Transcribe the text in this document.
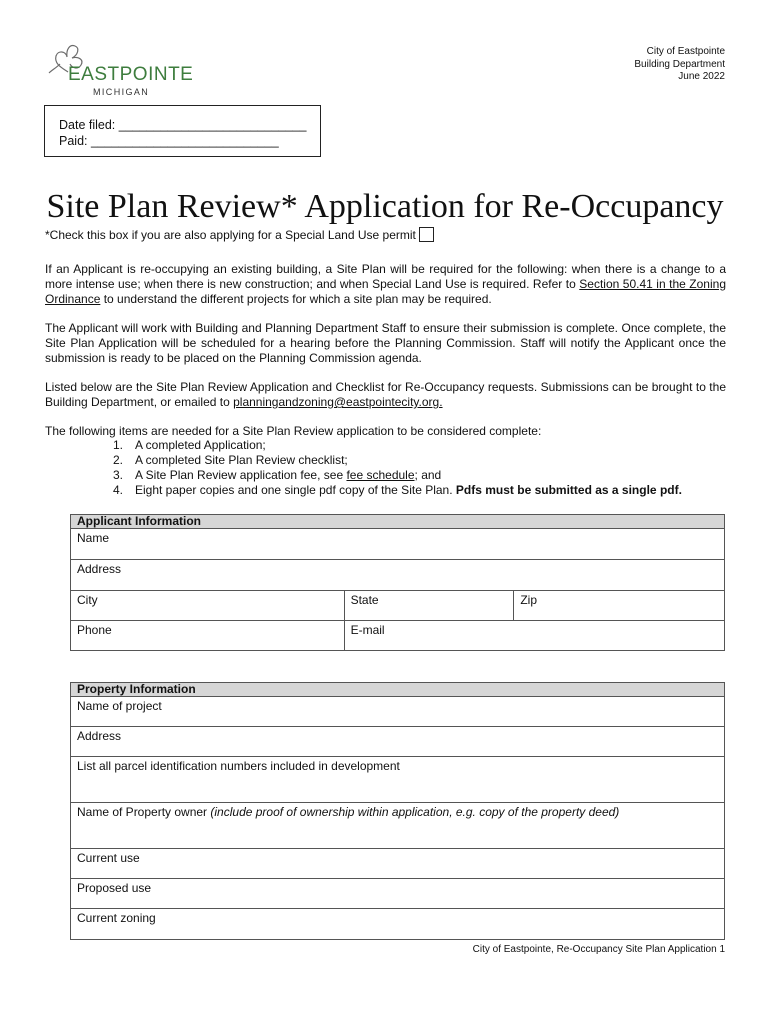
EASTPOINTE
MICHIGAN
City of Eastpointe
Building Department
June 2022
Date filed: ___________________________
Paid: ___________________________
Site Plan Review* Application for Re-Occupancy
*Check this box if you are also applying for a Special Land Use permit
If an Applicant is re-occupying an existing building, a Site Plan will be required for the following: when there is a change to a more intense use; when there is new construction; and when Special Land Use is required. Refer to Section 50.41 in the Zoning Ordinance to understand the different projects for which a site plan may be required.
The Applicant will work with Building and Planning Department Staff to ensure their submission is complete. Once complete, the Site Plan Application will be scheduled for a hearing before the Planning Commission. Staff will notify the Applicant once the submission is ready to be placed on the Planning Commission agenda.
Listed below are the Site Plan Review Application and Checklist for Re-Occupancy requests. Submissions can be brought to the Building Department, or emailed to planningandzoning@eastpointecity.org.
The following items are needed for a Site Plan Review application to be considered complete:
1. A completed Application;
2. A completed Site Plan Review checklist;
3. A Site Plan Review application fee, see fee schedule; and
4. Eight paper copies and one single pdf copy of the Site Plan. Pdfs must be submitted as a single pdf.
Applicant Information		
Name		
Address		
City	State	Zip
Phone	E-mail	
Property Information
Name of project
Address
List all parcel identification numbers included in development
Name of Property owner (include proof of ownership within application, e.g. copy of the property deed)
Current use
Proposed use
Current zoning
City of Eastpointe, Re-Occupancy Site Plan Application 1
